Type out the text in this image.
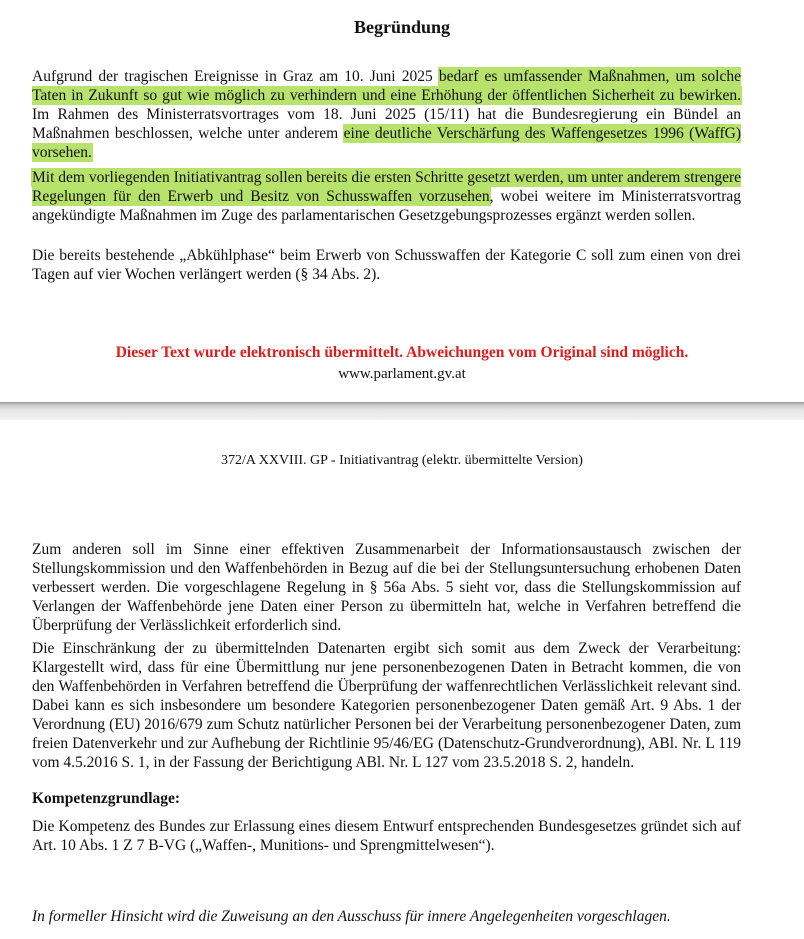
Begründung

Aufgrund der tragischen Ereignisse in Graz am 10. Juni 2025 bedarf es umfassender Maßnahmen, um solche Taten in Zukunft so gut wie möglich zu verhindern und eine Erhöhung der öffentlichen Sicherheit zu bewirken. Im Rahmen des Ministerratsvortrages vom 18. Juni 2025 (15/11) hat die Bundesregierung ein Bündel an Maßnahmen beschlossen, welche unter anderem eine deutliche Verschärfung des Waffengesetzes 1996 (WaffG) vorsehen.

Mit dem vorliegenden Initiativantrag sollen bereits die ersten Schritte gesetzt werden, um unter anderem strengere Regelungen für den Erwerb und Besitz von Schusswaffen vorzusehen, wobei weitere im Ministerratsvortrag angekündigte Maßnahmen im Zuge des parlamentarischen Gesetzgebungsprozesses ergänzt werden sollen.

Die bereits bestehende „Abkühlphase“ beim Erwerb von Schusswaffen der Kategorie C soll zum einen von drei Tagen auf vier Wochen verlängert werden (§ 34 Abs. 2).

Dieser Text wurde elektronisch übermittelt. Abweichungen vom Original sind möglich.
www.parlament.gv.at
372/A XXVIII. GP - Initiativantrag (elektr. übermittelte Version)

Zum anderen soll im Sinne einer effektiven Zusammenarbeit der Informationsaustausch zwischen der Stellungskommission und den Waffenbehörden in Bezug auf die bei der Stellungsuntersuchung erhobenen Daten verbessert werden. Die vorgeschlagene Regelung in § 56a Abs. 5 sieht vor, dass die Stellungskommission auf Verlangen der Waffenbehörde jene Daten einer Person zu übermitteln hat, welche in Verfahren betreffend die Überprüfung der Verlässlichkeit erforderlich sind.

Die Einschränkung der zu übermittelnden Datenarten ergibt sich somit aus dem Zweck der Verarbeitung: Klargestellt wird, dass für eine Übermittlung nur jene personenbezogenen Daten in Betracht kommen, die von den Waffenbehörden in Verfahren betreffend die Überprüfung der waffenrechtlichen Verlässlichkeit relevant sind. Dabei kann es sich insbesondere um besondere Kategorien personenbezogener Daten gemäß Art. 9 Abs. 1 der Verordnung (EU) 2016/679 zum Schutz natürlicher Personen bei der Verarbeitung personenbezogener Daten, zum freien Datenverkehr und zur Aufhebung der Richtlinie 95/46/EG (Datenschutz-Grundverordnung), ABl. Nr. L 119 vom 4.5.2016 S. 1, in der Fassung der Berichtigung ABl. Nr. L 127 vom 23.5.2018 S. 2, handeln.

Kompetenzgrundlage:

Die Kompetenz des Bundes zur Erlassung eines diesem Entwurf entsprechenden Bundesgesetzes gründet sich auf Art. 10 Abs. 1 Z 7 B-VG („Waffen-, Munitions- und Sprengmittelwesen“).

In formeller Hinsicht wird die Zuweisung an den Ausschuss für innere Angelegenheiten vorgeschlagen.
